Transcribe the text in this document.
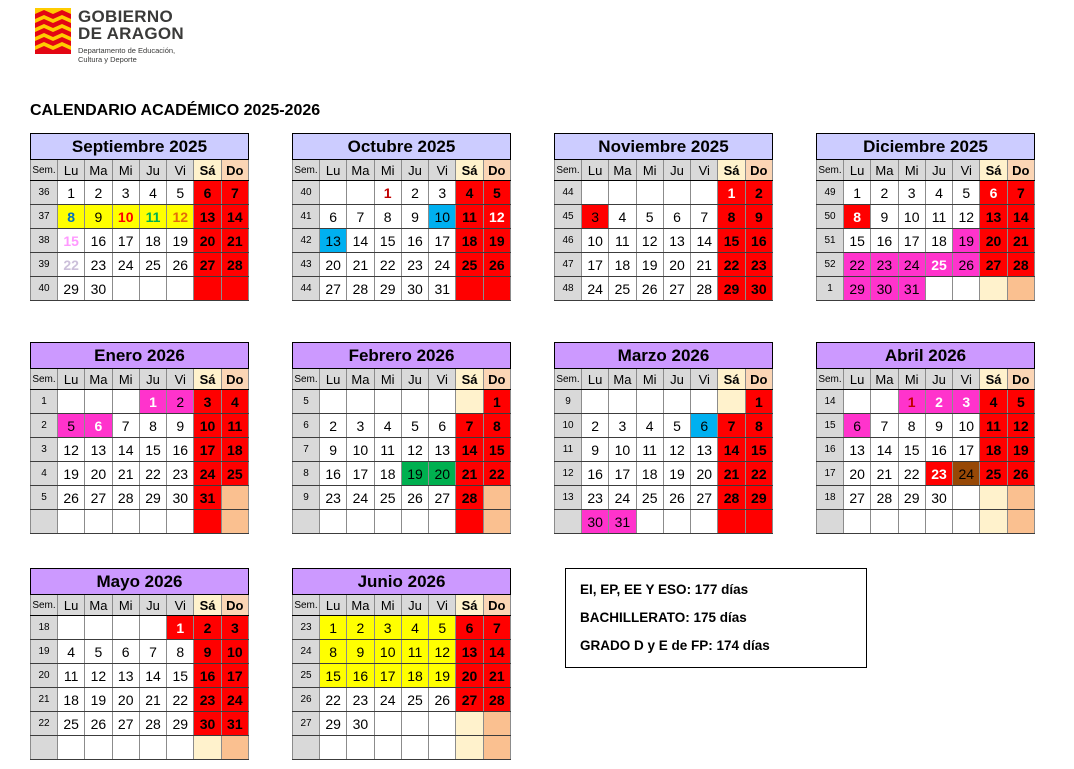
GOBIERNO
DE ARAGON
Departamento de Educación,
Cultura y Deporte
CALENDARIO ACADÉMICO 2025-2026
Septiembre 2025							
Sem.	Lu	Ma	Mi	Ju	Vi	Sá	Do
36	1	2	3	4	5	6	7
37	8	9	10	11	12	13	14
38	15	16	17	18	19	20	21
39	22	23	24	25	26	27	28
40	29	30					
Octubre 2025							
Sem.	Lu	Ma	Mi	Ju	Vi	Sá	Do
40			1	2	3	4	5
41	6	7	8	9	10	11	12
42	13	14	15	16	17	18	19
43	20	21	22	23	24	25	26
44	27	28	29	30	31		
Noviembre 2025							
Sem.	Lu	Ma	Mi	Ju	Vi	Sá	Do
44						1	2
45	3	4	5	6	7	8	9
46	10	11	12	13	14	15	16
47	17	18	19	20	21	22	23
48	24	25	26	27	28	29	30
Diciembre 2025							
Sem.	Lu	Ma	Mi	Ju	Vi	Sá	Do
49	1	2	3	4	5	6	7
50	8	9	10	11	12	13	14
51	15	16	17	18	19	20	21
52	22	23	24	25	26	27	28
1	29	30	31				
Enero 2026							
Sem.	Lu	Ma	Mi	Ju	Vi	Sá	Do
1				1	2	3	4
2	5	6	7	8	9	10	11
3	12	13	14	15	16	17	18
4	19	20	21	22	23	24	25
5	26	27	28	29	30	31	

Febrero 2026							
Sem.	Lu	Ma	Mi	Ju	Vi	Sá	Do
5							1
6	2	3	4	5	6	7	8
7	9	10	11	12	13	14	15
8	16	17	18	19	20	21	22
9	23	24	25	26	27	28	

Marzo 2026							
Sem.	Lu	Ma	Mi	Ju	Vi	Sá	Do
9							1
10	2	3	4	5	6	7	8
11	9	10	11	12	13	14	15
12	16	17	18	19	20	21	22
13	23	24	25	26	27	28	29
	30	31					
Abril 2026							
Sem.	Lu	Ma	Mi	Ju	Vi	Sá	Do
14			1	2	3	4	5
15	6	7	8	9	10	11	12
16	13	14	15	16	17	18	19
17	20	21	22	23	24	25	26
18	27	28	29	30			

Mayo 2026							
Sem.	Lu	Ma	Mi	Ju	Vi	Sá	Do
18					1	2	3
19	4	5	6	7	8	9	10
20	11	12	13	14	15	16	17
21	18	19	20	21	22	23	24
22	25	26	27	28	29	30	31

Junio 2026							
Sem.	Lu	Ma	Mi	Ju	Vi	Sá	Do
23	1	2	3	4	5	6	7
24	8	9	10	11	12	13	14
25	15	16	17	18	19	20	21
26	22	23	24	25	26	27	28
27	29	30					

EI, EP, EE Y ESO: 177 días
BACHILLERATO: 175 días
GRADO D y E de FP: 174 días
